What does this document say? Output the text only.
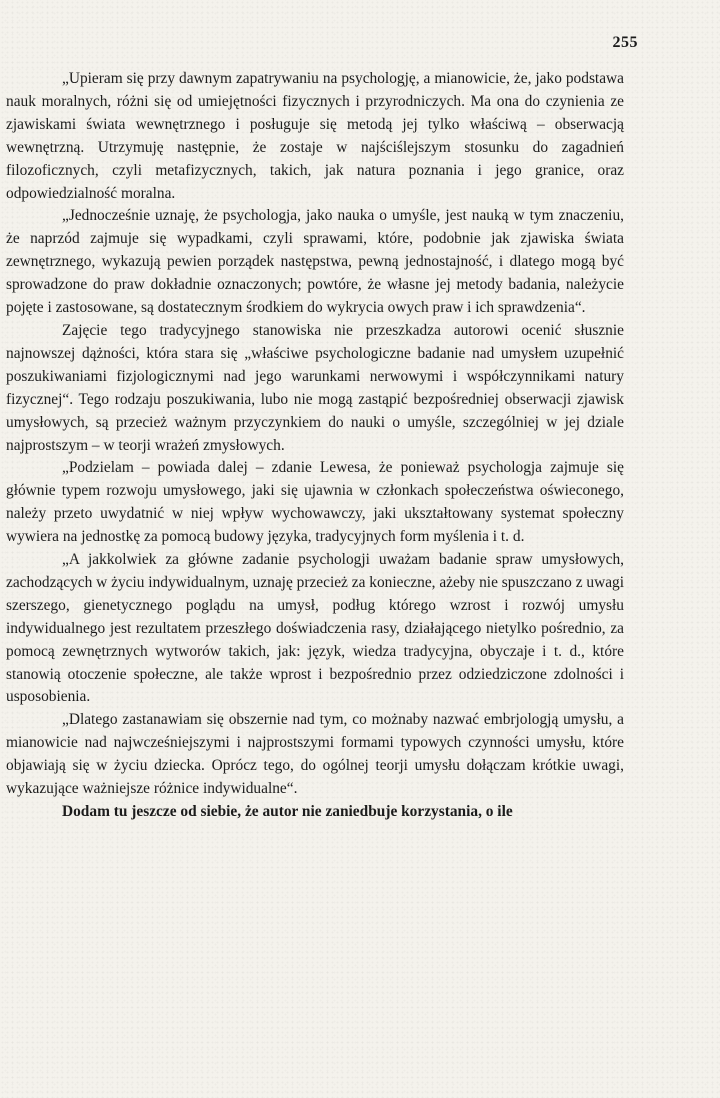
255

„Upieram się przy dawnym zapatrywaniu na psychologję, a mianowicie, że, jako podstawa nauk moralnych, różni się od umiejętności fizycznych i przyrodniczych. Ma ona do czynienia ze zjawiskami świata wewnętrznego i posługuje się metodą jej tylko właściwą – obserwacją wewnętrzną. Utrzymuję następnie, że zostaje w najściślejszym stosunku do zagadnień filozoficznych, czyli metafizycznych, takich, jak natura poznania i jego granice, oraz odpowiedzialność moralna.

„Jednocześnie uznaję, że psychologja, jako nauka o umyśle, jest nauką w tym znaczeniu, że naprzód zajmuje się wypadkami, czyli sprawami, które, podobnie jak zjawiska świata zewnętrznego, wykazują pewien porządek następstwa, pewną jednostajność, i dlatego mogą być sprowadzone do praw dokładnie oznaczonych; powtóre, że własne jej metody badania, należycie pojęte i zastosowane, są dostatecznym środkiem do wykrycia owych praw i ich sprawdzenia“.

Zajęcie tego tradycyjnego stanowiska nie przeszkadza autorowi ocenić słusznie najnowszej dążności, która stara się „właściwe psychologiczne badanie nad umysłem uzupełnić poszukiwaniami fizjologicznymi nad jego warunkami nerwowymi i współczynnikami natury fizycznej“. Tego rodzaju poszukiwania, lubo nie mogą zastąpić bezpośredniej obserwacji zjawisk umysłowych, są przecież ważnym przyczynkiem do nauki o umyśle, szczególniej w jej dziale najprostszym – w teorji wrażeń zmysłowych.

„Podzielam – powiada dalej – zdanie Lewesa, że ponieważ psychologja zajmuje się głównie typem rozwoju umysłowego, jaki się ujawnia w członkach społeczeństwa oświeconego, należy przeto uwydatnić w niej wpływ wychowawczy, jaki ukształtowany systemat społeczny wywiera na jednostkę za pomocą budowy języka, tradycyjnych form myślenia i t. d.

„A jakkolwiek za główne zadanie psychologji uważam badanie spraw umysłowych, zachodzących w życiu indywidualnym, uznaję przecież za konieczne, ażeby nie spuszczano z uwagi szerszego, gienetycznego poglądu na umysł, podług którego wzrost i rozwój umysłu indywidualnego jest rezultatem przeszłego doświadczenia rasy, działającego nietylko pośrednio, za pomocą zewnętrznych wytworów takich, jak: język, wiedza tradycyjna, obyczaje i t. d., które stanowią otoczenie społeczne, ale także wprost i bezpośrednio przez odziedziczone zdolności i usposobienia.

„Dlatego zastanawiam się obszernie nad tym, co możnaby nazwać embrjologją umysłu, a mianowicie nad najwcześniejszymi i najprostszymi formami typowych czynności umysłu, które objawiają się w życiu dziecka. Oprócz tego, do ogólnej teorji umysłu dołączam krótkie uwagi, wykazujące ważniejsze różnice indywidualne“.

Dodam tu jeszcze od siebie, że autor nie zaniedbuje korzystania, o ile
